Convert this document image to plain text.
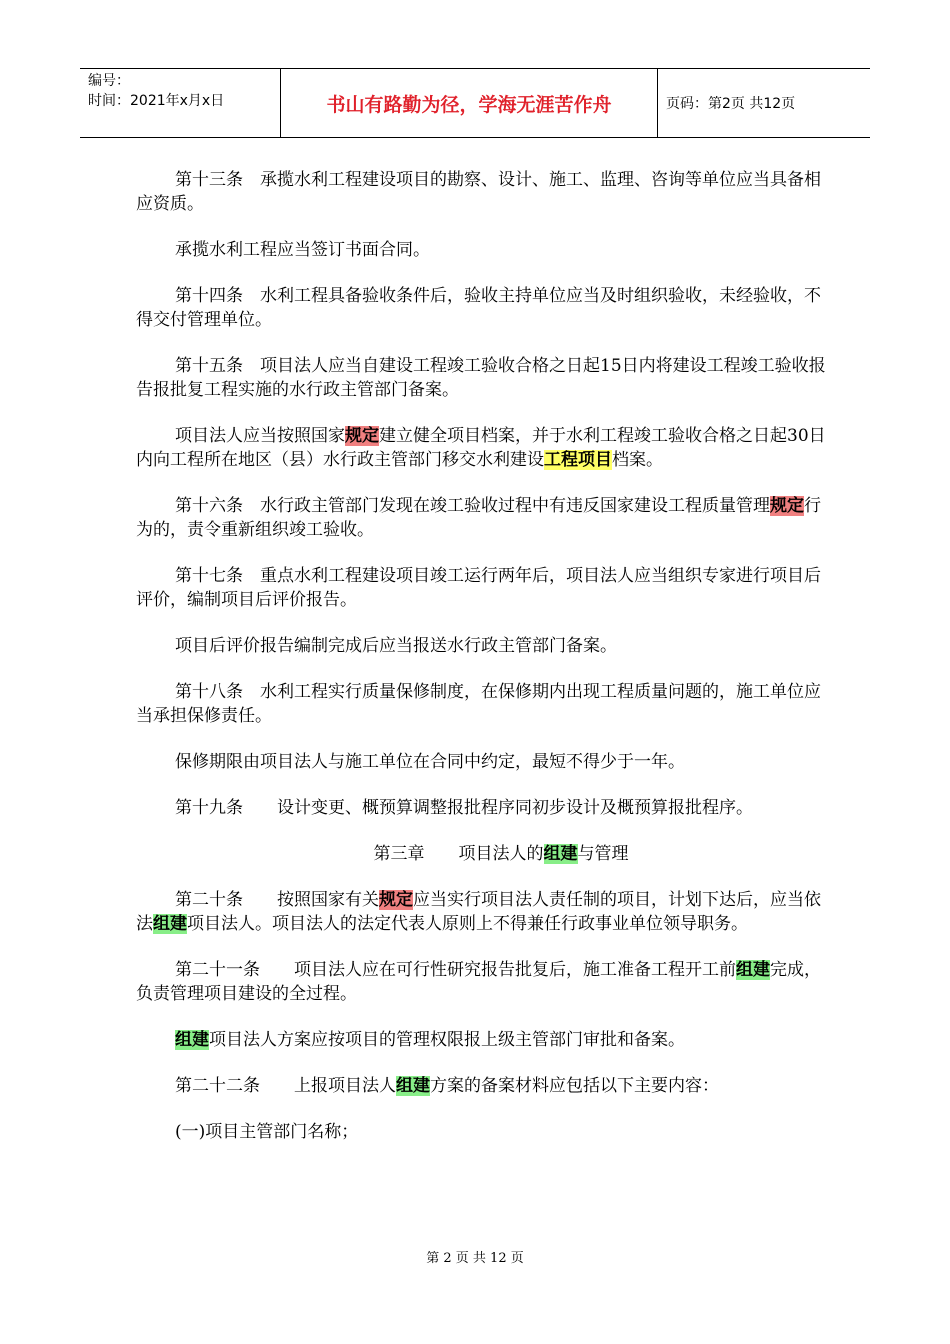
编号：
时间：2021年x月x日	书山有路勤为径，学海无涯苦作舟	页码：第2页 共12页

第十三条　承揽水利工程建设项目的勘察、设计、施工、监理、咨询等单位应当具备相应资质。

承揽水利工程应当签订书面合同。

第十四条　水利工程具备验收条件后，验收主持单位应当及时组织验收，未经验收，不得交付管理单位。

第十五条　项目法人应当自建设工程竣工验收合格之日起15日内将建设工程竣工验收报告报批复工程实施的水行政主管部门备案。

项目法人应当按照国家规定建立健全项目档案，并于水利工程竣工验收合格之日起30日内向工程所在地区（县）水行政主管部门移交水利建设工程项目档案。

第十六条　水行政主管部门发现在竣工验收过程中有违反国家建设工程质量管理规定行为的，责令重新组织竣工验收。

第十七条　重点水利工程建设项目竣工运行两年后，项目法人应当组织专家进行项目后评价，编制项目后评价报告。

项目后评价报告编制完成后应当报送水行政主管部门备案。

第十八条　水利工程实行质量保修制度，在保修期内出现工程质量问题的，施工单位应当承担保修责任。

保修期限由项目法人与施工单位在合同中约定，最短不得少于一年。

第十九条　　设计变更、概预算调整报批程序同初步设计及概预算报批程序。

第三章　　项目法人的组建与管理

第二十条　　按照国家有关规定应当实行项目法人责任制的项目，计划下达后，应当依法组建项目法人。项目法人的法定代表人原则上不得兼任行政事业单位领导职务。

第二十一条　　项目法人应在可行性研究报告批复后，施工准备工程开工前组建完成，负责管理项目建设的全过程。

组建项目法人方案应按项目的管理权限报上级主管部门审批和备案。

第二十二条　　上报项目法人组建方案的备案材料应包括以下主要内容：

(一)项目主管部门名称；

第 2 页 共 12 页
